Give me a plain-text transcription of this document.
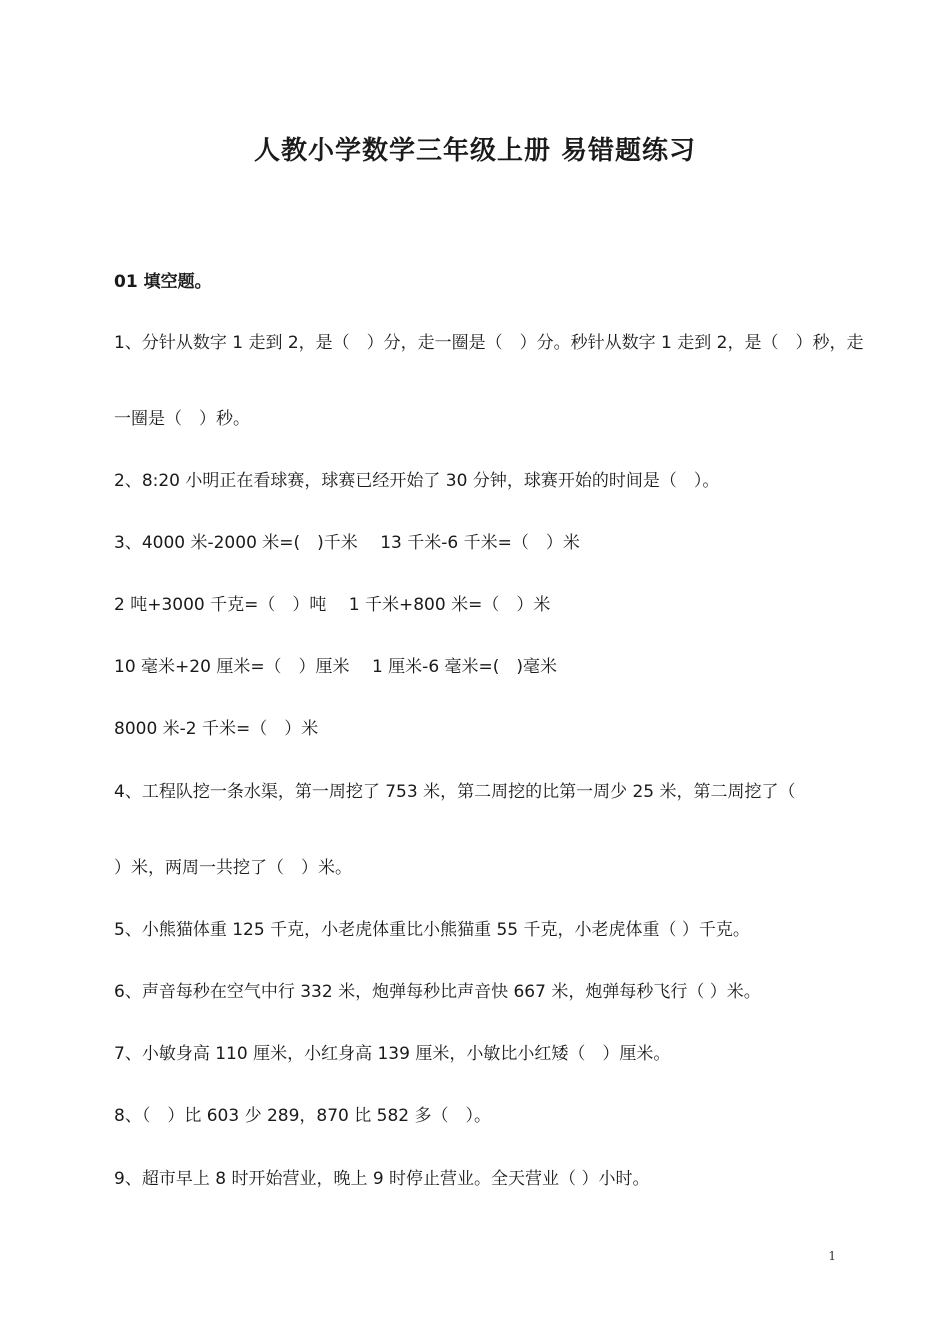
人教小学数学三年级上册 易错题练习
01 填空题。
1、分针从数字 1 走到 2，是（　）分，走一圈是（　）分。秒针从数字 1 走到 2，是（　）秒，走
一圈是（　）秒。
2、8:20 小明正在看球赛，球赛已经开始了 30 分钟，球赛开始的时间是（　）。
3、4000 米-2000 米=(　)千米　 13 千米-6 千米=（　）米
2 吨+3000 千克=（　）吨　 1 千米+800 米=（　）米
10 毫米+20 厘米=（　）厘米　 1 厘米-6 毫米=(　)毫米
8000 米-2 千米=（　）米
4、工程队挖一条水渠，第一周挖了 753 米，第二周挖的比第一周少 25 米，第二周挖了（
）米，两周一共挖了（　）米。
5、小熊猫体重 125 千克，小老虎体重比小熊猫重 55 千克，小老虎体重（ ）千克。
6、声音每秒在空气中行 332 米，炮弹每秒比声音快 667 米，炮弹每秒飞行（ ）米。
7、小敏身高 110 厘米，小红身高 139 厘米，小敏比小红矮（　）厘米。
8、（　）比 603 少 289，870 比 582 多（　）。
9、超市早上 8 时开始营业，晚上 9 时停止营业。全天营业（ ）小时。
1
